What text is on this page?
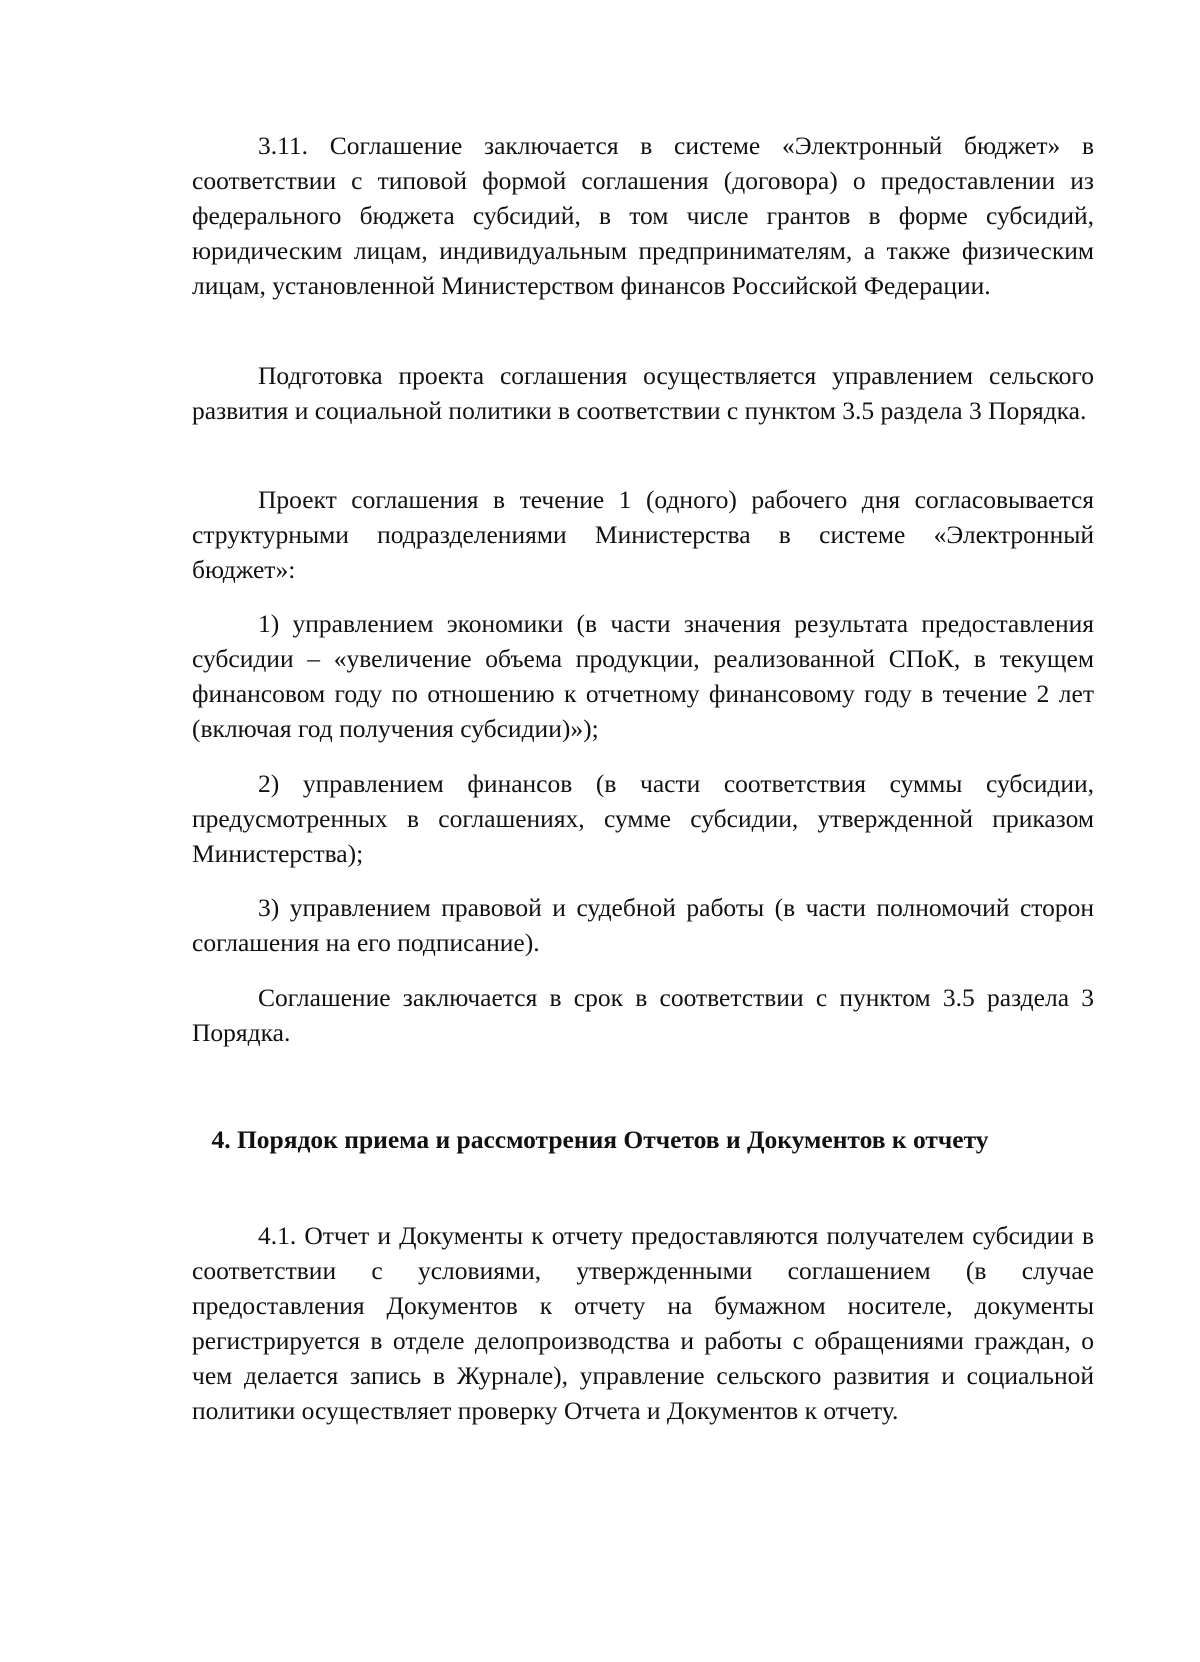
3.11. Соглашение заключается в системе «Электронный бюджет» в соответствии с типовой формой соглашения (договора) о предоставлении из федерального бюджета субсидий, в том числе грантов в форме субсидий, юридическим лицам, индивидуальным предпринимателям, а также физическим лицам, установленной Министерством финансов Российской Федерации.

Подготовка проекта соглашения осуществляется управлением сельского развития и социальной политики в соответствии с пунктом 3.5 раздела 3 Порядка.

Проект соглашения в течение 1 (одного) рабочего дня согласовывается структурными подразделениями Министерства в системе «Электронный бюджет»:

1) управлением экономики (в части значения результата предоставления субсидии – «увеличение объема продукции, реализованной СПоК, в текущем финансовом году по отношению к отчетному финансовому году в течение 2 лет (включая год получения субсидии)»);

2) управлением финансов (в части соответствия суммы субсидии, предусмотренных в соглашениях, сумме субсидии, утвержденной приказом Министерства);

3) управлением правовой и судебной работы (в части полномочий сторон соглашения на его подписание).

Соглашение заключается в срок в соответствии с пунктом 3.5 раздела 3 Порядка.

4. Порядок приема и рассмотрения Отчетов и Документов к отчету

4.1. Отчет и Документы к отчету предоставляются получателем субсидии в соответствии с условиями, утвержденными соглашением (в случае предоставления Документов к отчету на бумажном носителе, документы регистрируется в отделе делопроизводства и работы с обращениями граждан, о чем делается запись в Журнале), управление сельского развития и социальной политики осуществляет проверку Отчета и Документов к отчету.
